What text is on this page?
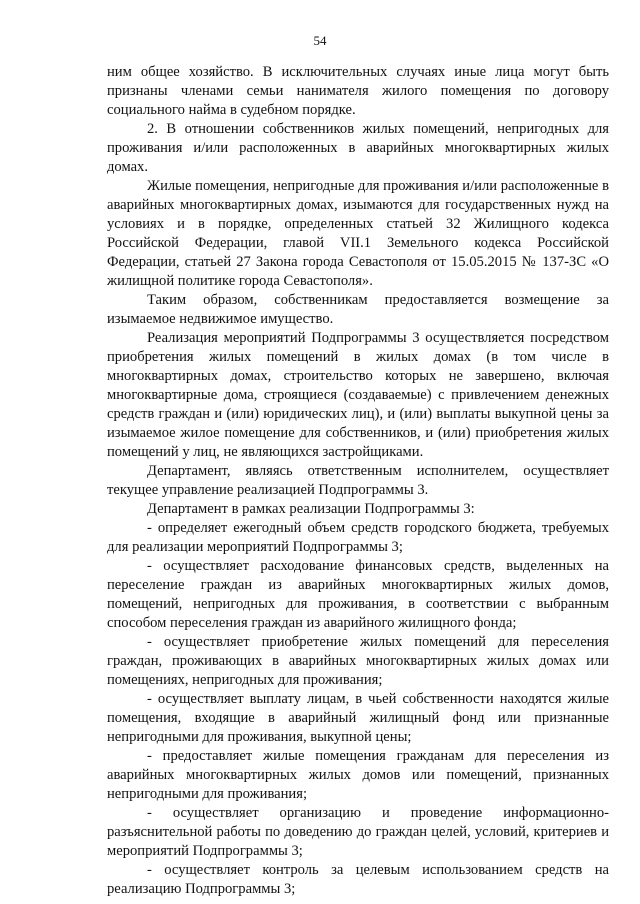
54

ним общее хозяйство. В исключительных случаях иные лица могут быть признаны членами семьи нанимателя жилого помещения по договору социального найма в судебном порядке.

2. В отношении собственников жилых помещений, непригодных для проживания и/или расположенных в аварийных многоквартирных жилых домах.

Жилые помещения, непригодные для проживания и/или расположенные в аварийных многоквартирных домах, изымаются для государственных нужд на условиях и в порядке, определенных статьей 32 Жилищного кодекса Российской Федерации, главой VII.1 Земельного кодекса Российской Федерации, статьей 27 Закона города Севастополя от 15.05.2015 № 137-ЗС «О жилищной политике города Севастополя».

Таким образом, собственникам предоставляется возмещение за изымаемое недвижимое имущество.

Реализация мероприятий Подпрограммы 3 осуществляется посредством приобретения жилых помещений в жилых домах (в том числе в многоквартирных домах, строительство которых не завершено, включая многоквартирные дома, строящиеся (создаваемые) с привлечением денежных средств граждан и (или) юридических лиц), и (или) выплаты выкупной цены за изымаемое жилое помещение для собственников, и (или) приобретения жилых помещений у лиц, не являющихся застройщиками.

Департамент, являясь ответственным исполнителем, осуществляет текущее управление реализацией Подпрограммы 3.

Департамент в рамках реализации Подпрограммы 3:

- определяет ежегодный объем средств городского бюджета, требуемых для реализации мероприятий Подпрограммы 3;

- осуществляет расходование финансовых средств, выделенных на переселение граждан из аварийных многоквартирных жилых домов, помещений, непригодных для проживания, в соответствии с выбранным способом переселения граждан из аварийного жилищного фонда;

- осуществляет приобретение жилых помещений для переселения граждан, проживающих в аварийных многоквартирных жилых домах или помещениях, непригодных для проживания;

- осуществляет выплату лицам, в чьей собственности находятся жилые помещения, входящие в аварийный жилищный фонд или признанные непригодными для проживания, выкупной цены;

- предоставляет жилые помещения гражданам для переселения из аварийных многоквартирных жилых домов или помещений, признанных непригодными для проживания;

- осуществляет организацию и проведение информационно-разъяснительной работы по доведению до граждан целей, условий, критериев и мероприятий Подпрограммы 3;

- осуществляет контроль за целевым использованием средств на реализацию Подпрограммы 3;
